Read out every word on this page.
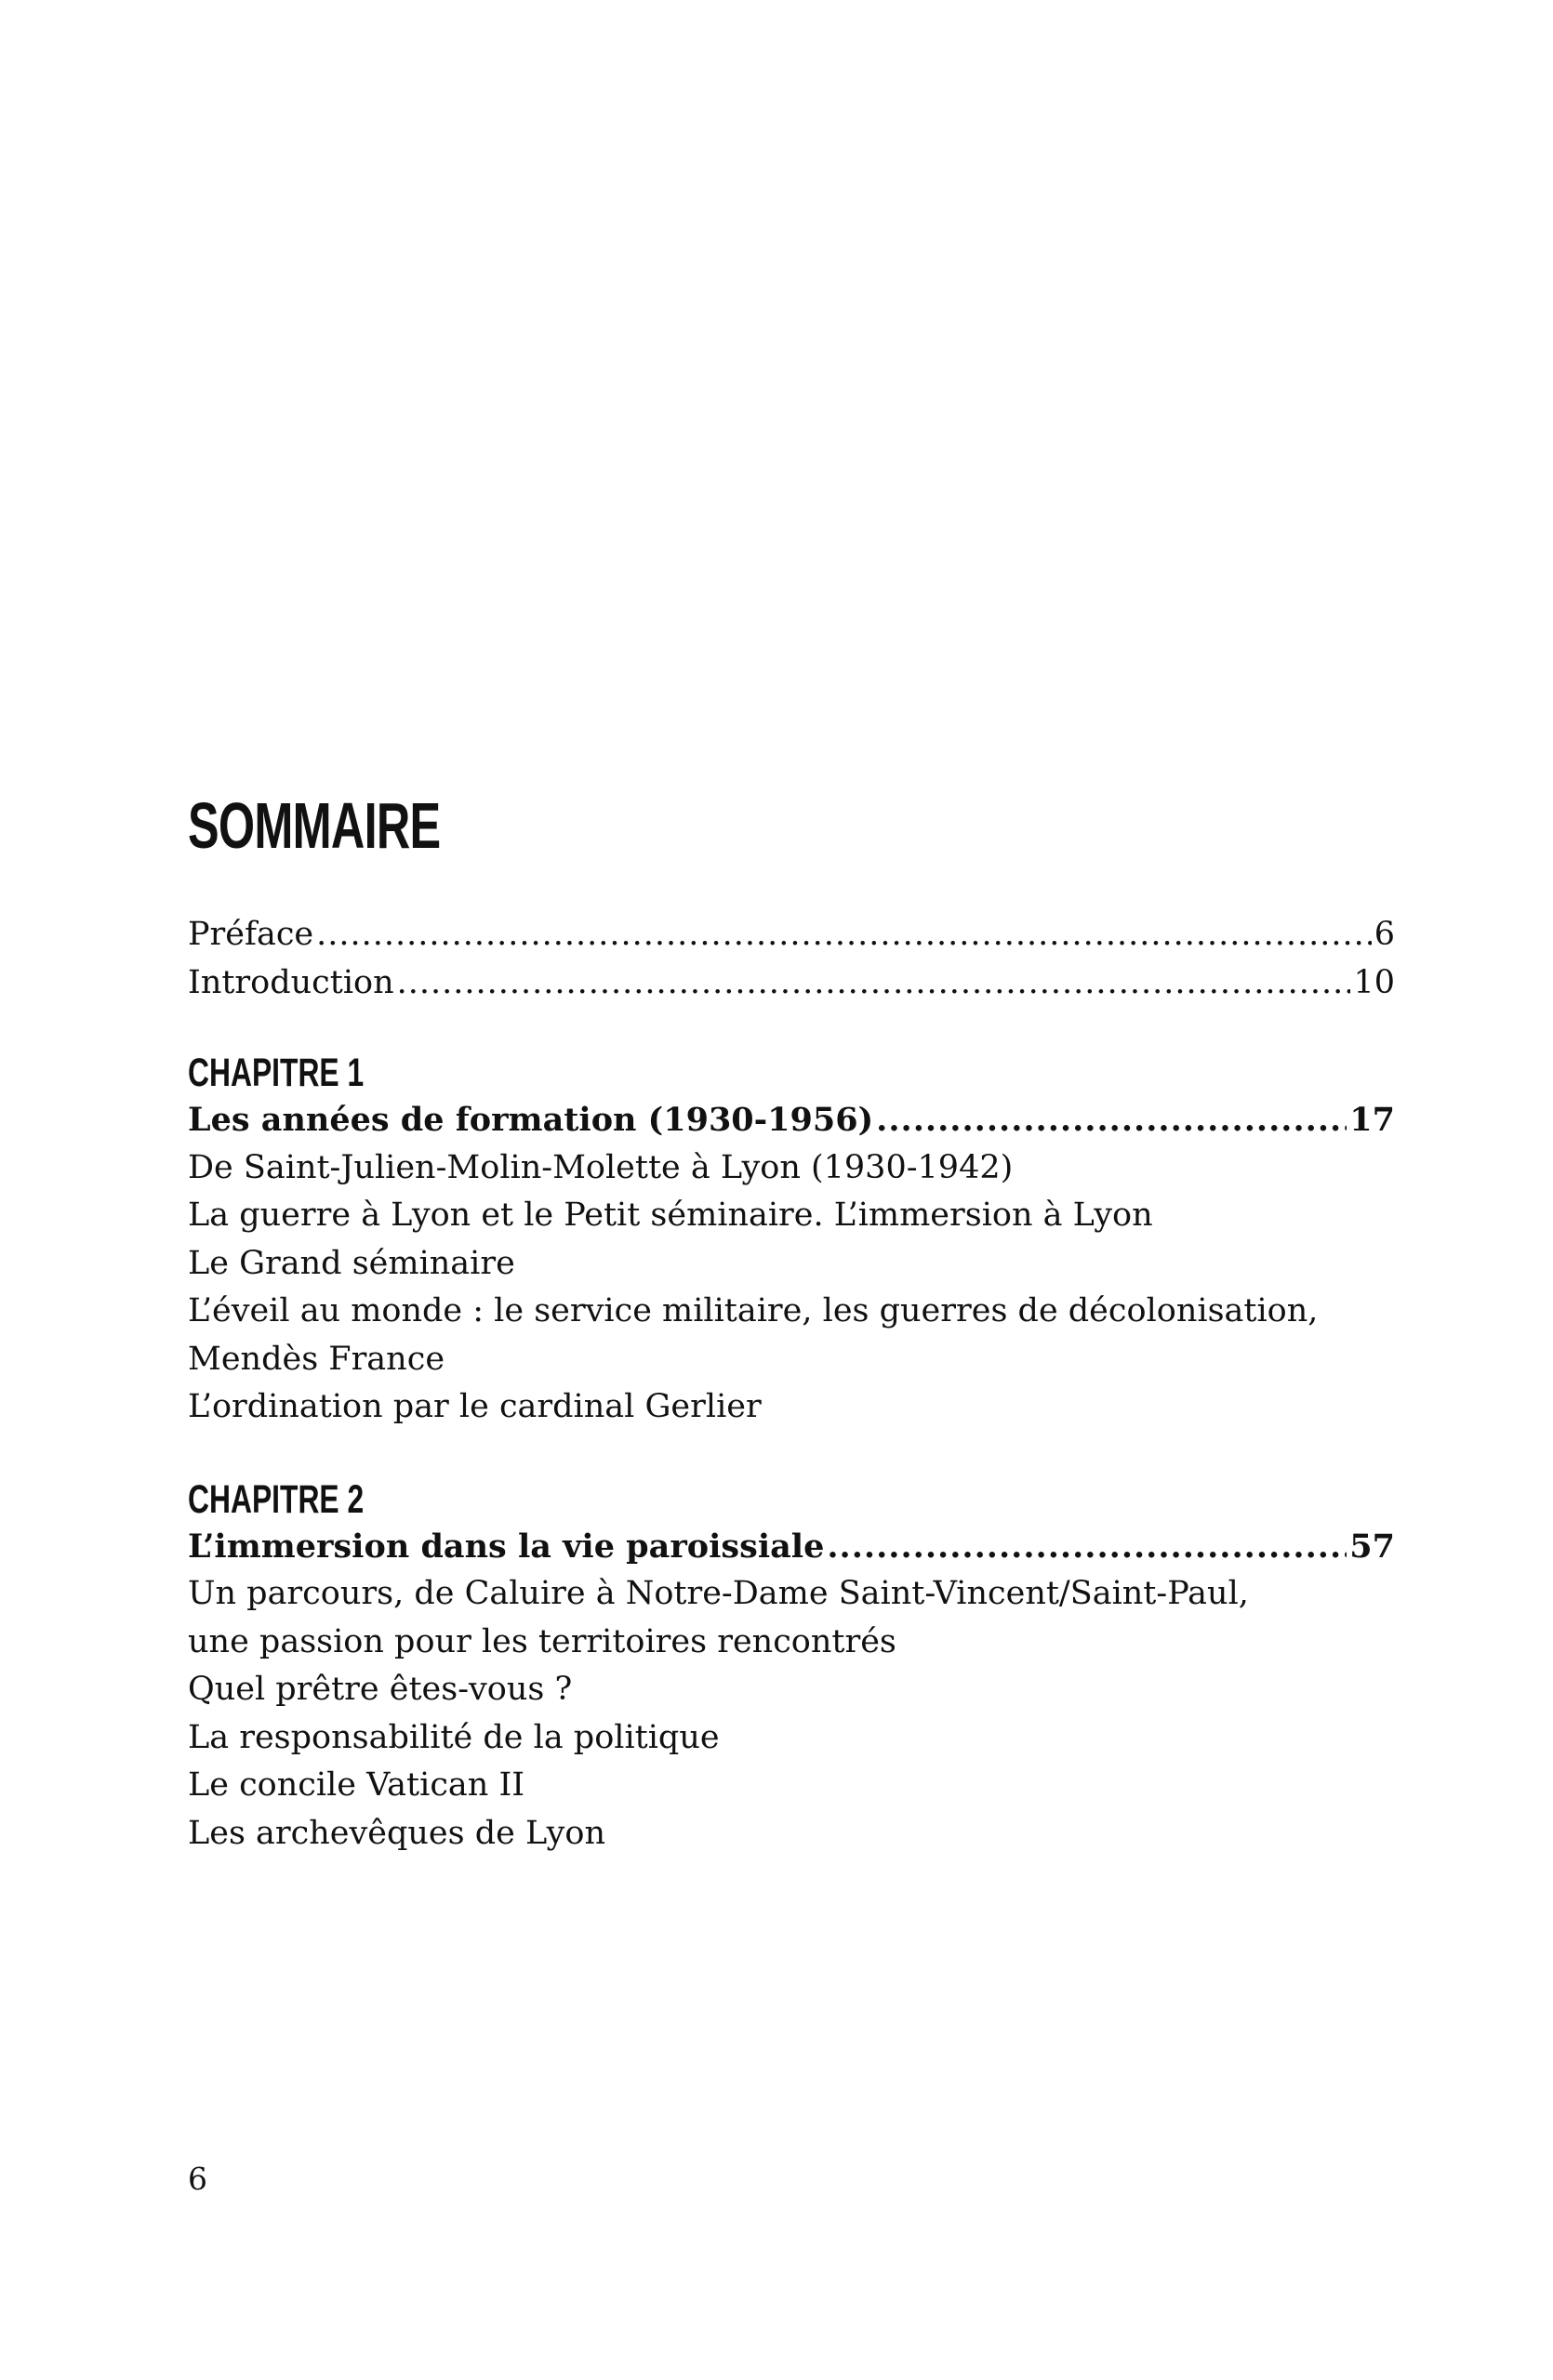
SOMMAIRE
Préface .....	6
Introduction .....	10
CHAPITRE 1
Les années de formation (1930-1956) .....	17
De Saint-Julien-Molin-Molette à Lyon (1930-1942)
La guerre à Lyon et le Petit séminaire. L’immersion à Lyon
Le Grand séminaire
L’éveil au monde : le service militaire, les guerres de décolonisation,
Mendès France
L’ordination par le cardinal Gerlier
CHAPITRE 2
L’immersion dans la vie paroissiale .....	57
Un parcours, de Caluire à Notre-Dame Saint-Vincent/Saint-Paul,
une passion pour les territoires rencontrés
Quel prêtre êtes-vous ?
La responsabilité de la politique
Le concile Vatican II
Les archevêques de Lyon
6
